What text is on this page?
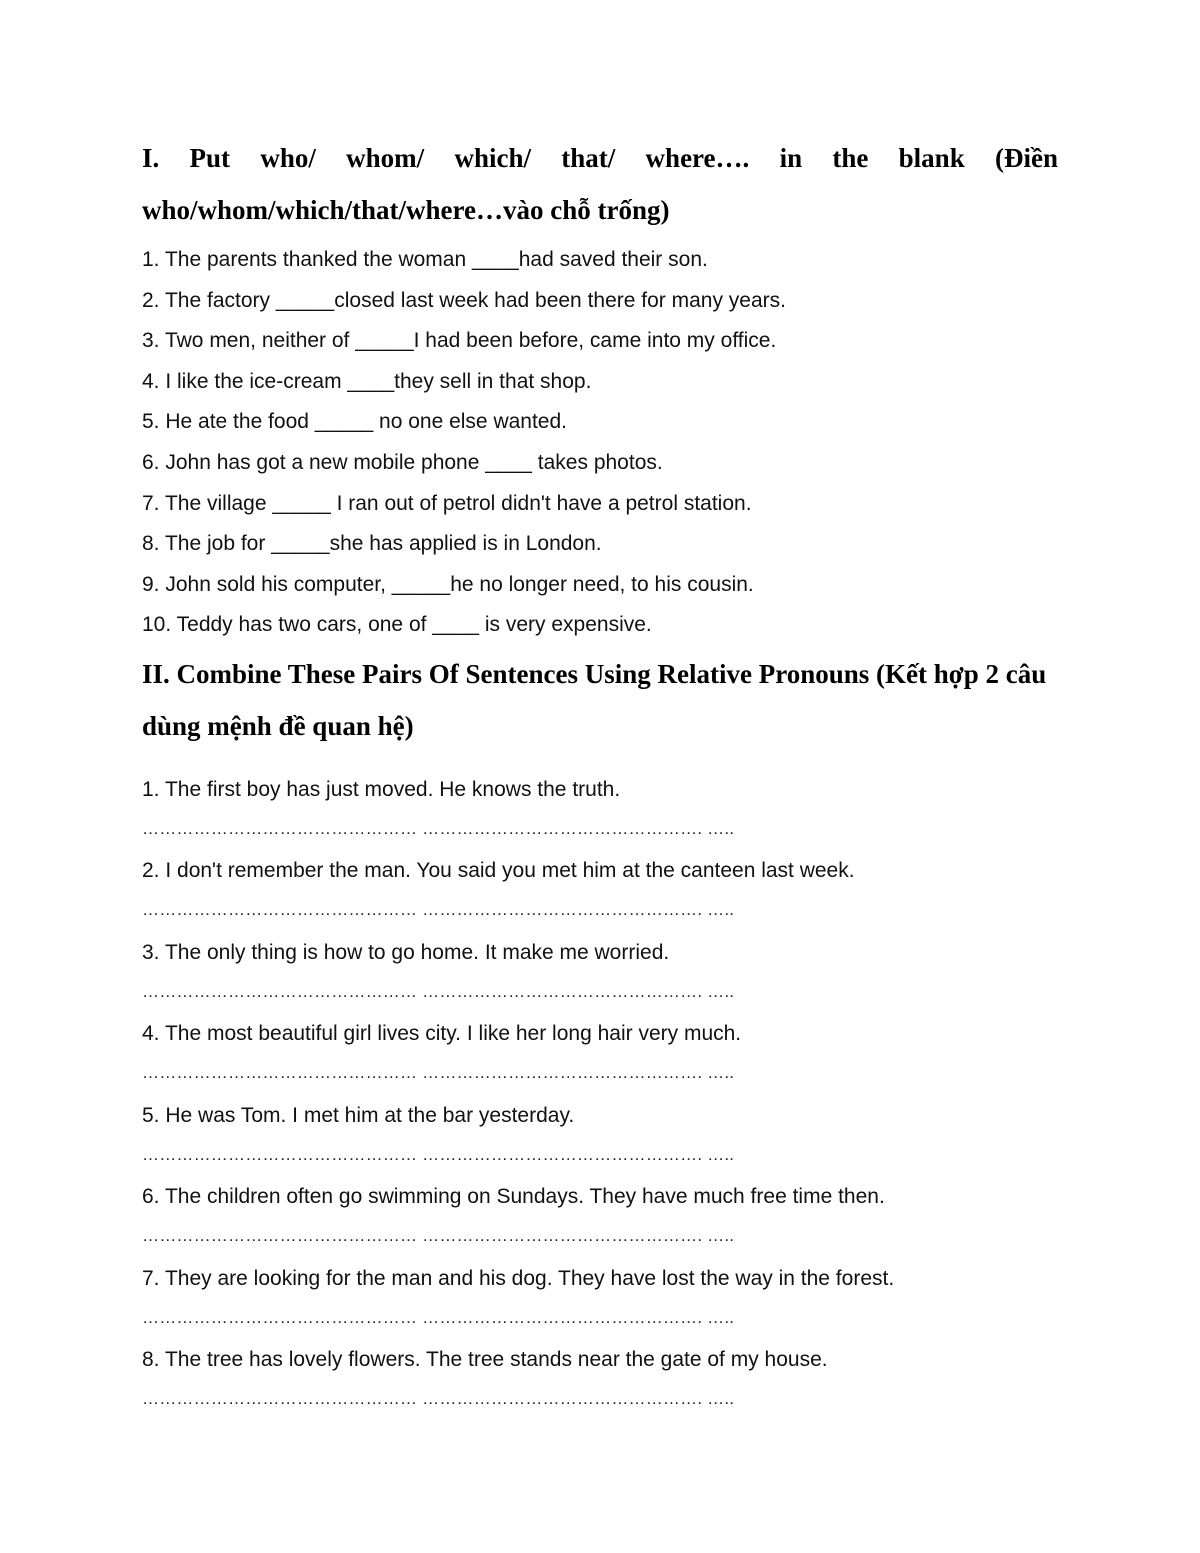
I. Put who/ whom/ which/ that/ where…. in the blank (Điền who/whom/which/that/where…vào chỗ trống)
1. The parents thanked the woman ____had saved their son.
2. The factory _____closed last week had been there for many years.
3. Two men, neither of _____I had been before, came into my office.
4. I like the ice-cream ____they sell in that shop.
5. He ate the food _____ no one else wanted.
6. John has got a new mobile phone ____ takes photos.
7. The village _____ I ran out of petrol didn't have a petrol station.
8. The job for _____she has applied is in London.
9. John sold his computer, _____he no longer need, to his cousin.
10. Teddy has two cars, one of ____ is very expensive.
II. Combine These Pairs Of Sentences Using Relative Pronouns (Kết hợp 2 câu dùng mệnh đề quan hệ)
1. The first boy has just moved. He knows the truth.
………………………………………… …………………………………………. …..
2. I don't remember the man. You said you met him at the canteen last week.
………………………………………… …………………………………………. …..
3. The only thing is how to go home. It make me worried.
………………………………………… …………………………………………. …..
4. The most beautiful girl lives city. I like her long hair very much.
………………………………………… …………………………………………. …..
5. He was Tom. I met him at the bar yesterday.
………………………………………… …………………………………………. …..
6. The children often go swimming on Sundays. They have much free time then.
………………………………………… …………………………………………. …..
7. They are looking for the man and his dog. They have lost the way in the forest.
………………………………………… …………………………………………. …..
8. The tree has lovely flowers. The tree stands near the gate of my house.
………………………………………… …………………………………………. …..
